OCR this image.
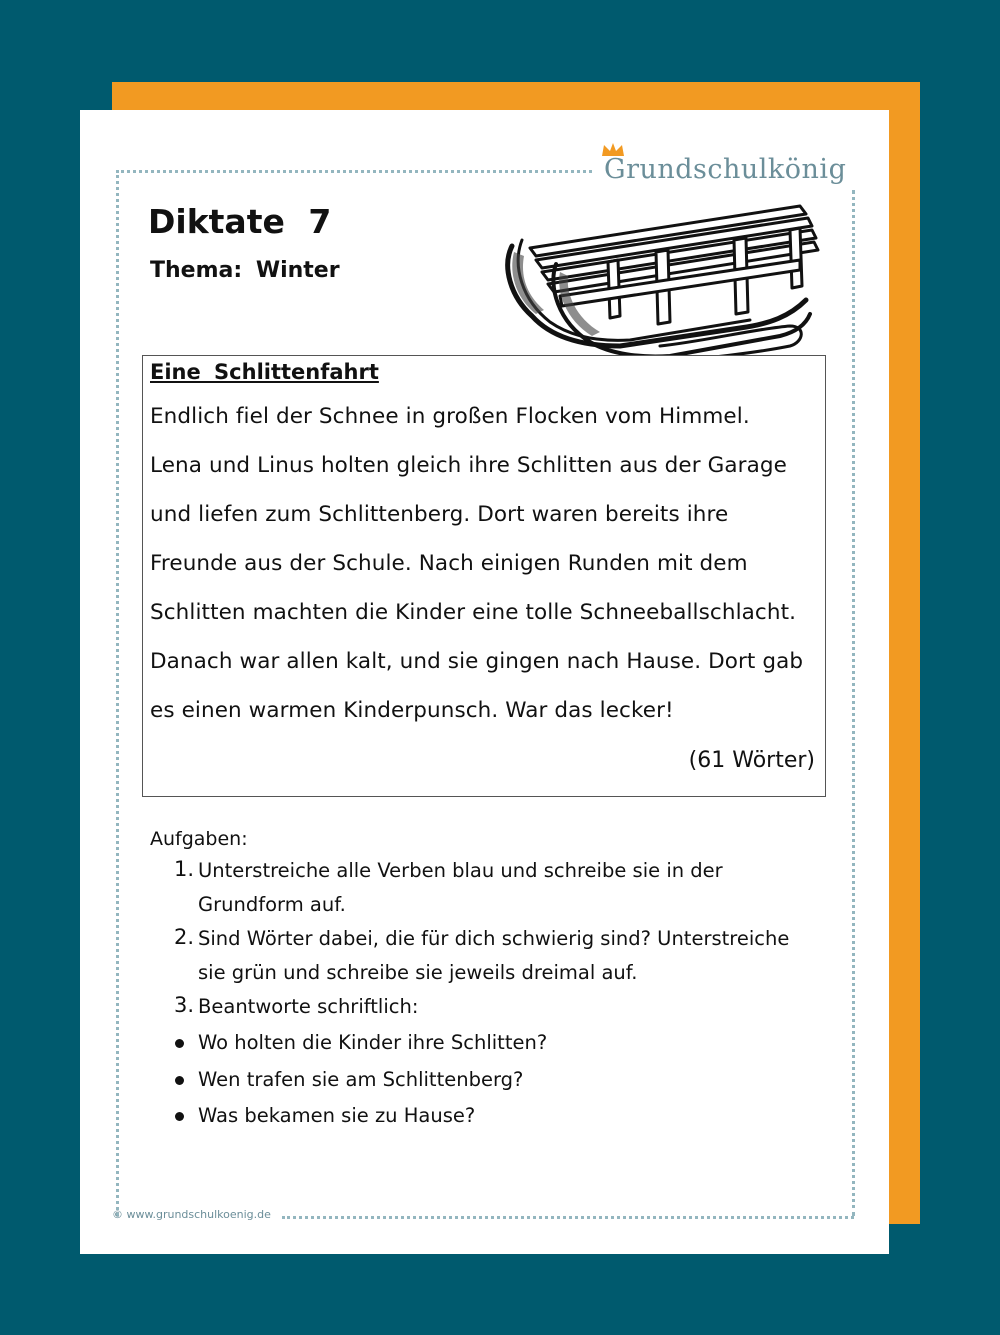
Grundschulkönig
Diktate 7
Thema: Winter
Eine Schlittenfahrt
Endlich fiel der Schnee in großen Flocken vom Himmel.
Lena und Linus holten gleich ihre Schlitten aus der Garage
und liefen zum Schlittenberg. Dort waren bereits ihre
Freunde aus der Schule. Nach einigen Runden mit dem
Schlitten machten die Kinder eine tolle Schneeballschlacht.
Danach war allen kalt, und sie gingen nach Hause. Dort gab
es einen warmen Kinderpunsch. War das lecker!
(61 Wörter)
Aufgaben:
1. Unterstreiche alle Verben blau und schreibe sie in der
Grundform auf.
2. Sind Wörter dabei, die für dich schwierig sind? Unterstreiche
sie grün und schreibe sie jeweils dreimal auf.
3. Beantworte schriftlich:
Wo holten die Kinder ihre Schlitten?
Wen trafen sie am Schlittenberg?
Was bekamen sie zu Hause?
© www.grundschulkoenig.de
